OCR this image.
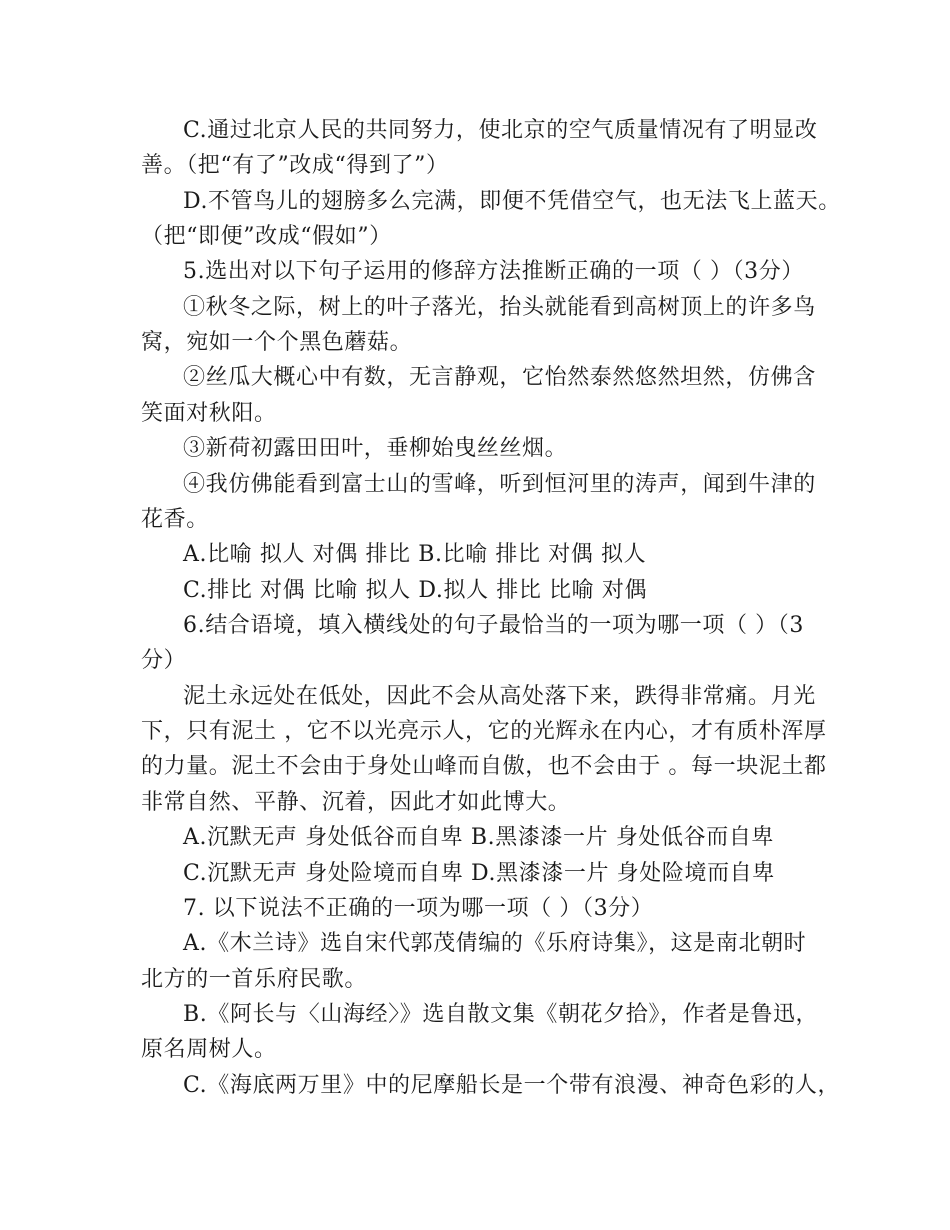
C.通过北京人民的共同努力，使北京的空气质量情况有了明显改
善。（把“有了”改成“得到了”）
D.不管鸟儿的翅膀多么完满，即便不凭借空气，也无法飞上蓝天。
（把“即便”改成“假如”）
5.选出对以下句子运用的修辞方法推断正确的一项（ ）（3分）
①秋冬之际，树上的叶子落光，抬头就能看到高树顶上的许多鸟
窝，宛如一个个黑色蘑菇。
②丝瓜大概心中有数，无言静观，它怡然泰然悠然坦然，仿佛含
笑面对秋阳。
③新荷初露田田叶，垂柳始曳丝丝烟。
④我仿佛能看到富士山的雪峰，听到恒河里的涛声，闻到牛津的
花香。
A.比喻 拟人 对偶 排比 B.比喻 排比 对偶 拟人
C.排比 对偶 比喻 拟人 D.拟人 排比 比喻 对偶
6.结合语境，填入横线处的句子最恰当的一项为哪一项（ ）（3
分）
泥土永远处在低处，因此不会从高处落下来，跌得非常痛。月光
下，只有泥土 ，它不以光亮示人，它的光辉永在内心，才有质朴浑厚
的力量。泥土不会由于身处山峰而自傲，也不会由于 。每一块泥土都
非常自然、平静、沉着，因此才如此博大。
A.沉默无声 身处低谷而自卑 B.黑漆漆一片 身处低谷而自卑
C.沉默无声 身处险境而自卑 D.黑漆漆一片 身处险境而自卑
7. 以下说法不正确的一项为哪一项（ ）（3分）
A.《木兰诗》选自宋代郭茂倩编的《乐府诗集》，这是南北朝时
北方的一首乐府民歌。
B.《阿长与〈山海经〉》选自散文集《朝花夕拾》，作者是鲁迅，
原名周树人。
C.《海底两万里》中的尼摩船长是一个带有浪漫、神奇色彩的人，
